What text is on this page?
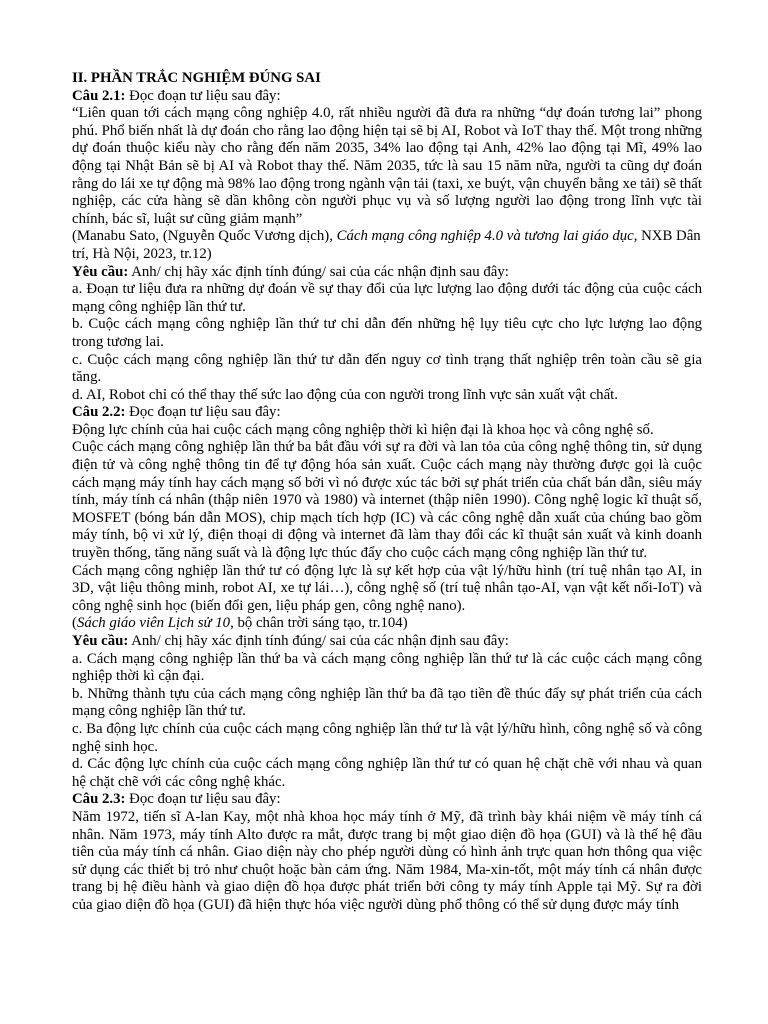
II. PHẦN TRẮC NGHIỆM ĐÚNG SAI

Câu 2.1: Đọc đoạn tư liệu sau đây:

“Liên quan tới cách mạng công nghiệp 4.0, rất nhiều người đã đưa ra những “dự đoán tương lai” phong phú. Phổ biến nhất là dự đoán cho rằng lao động hiện tại sẽ bị AI, Robot và IoT thay thế. Một trong những dự đoán thuộc kiểu này cho rằng đến năm 2035, 34% lao động tại Anh, 42% lao động tại Mĩ, 49% lao động tại Nhật Bản sẽ bị AI và Robot thay thế. Năm 2035, tức là sau 15 năm nữa, người ta cũng dự đoán rằng do lái xe tự động mà 98% lao động trong ngành vận tải (taxi, xe buýt, vận chuyển bằng xe tải) sẽ thất nghiệp, các cửa hàng sẽ dần không còn người phục vụ và số lượng người lao động trong lĩnh vực tài chính, bác sĩ, luật sư cũng giảm mạnh”

(Manabu Sato, (Nguyễn Quốc Vương dịch), Cách mạng công nghiệp 4.0 và tương lai giáo dục, NXB Dân trí, Hà Nội, 2023, tr.12)

Yêu cầu: Anh/ chị hãy xác định tính đúng/ sai của các nhận định sau đây:

a. Đoạn tư liệu đưa ra những dự đoán về sự thay đổi của lực lượng lao động dưới tác động của cuộc cách mạng công nghiệp lần thứ tư.

b. Cuộc cách mạng công nghiệp lần thứ tư chỉ dẫn đến những hệ lụy tiêu cực cho lực lượng lao động trong tương lai.

c. Cuộc cách mạng công nghiệp lần thứ tư dẫn đến nguy cơ tình trạng thất nghiệp trên toàn cầu sẽ gia tăng.

d. AI, Robot chỉ có thể thay thế sức lao động của con người trong lĩnh vực sản xuất vật chất.

Câu 2.2: Đọc đoạn tư liệu sau đây:

Động lực chính của hai cuộc cách mạng công nghiệp thời kì hiện đại là khoa học và công nghệ số.

Cuộc cách mạng công nghiệp lần thứ ba bắt đầu với sự ra đời và lan tỏa của công nghệ thông tin, sử dụng điện tử và công nghệ thông tin để tự động hóa sản xuất. Cuộc cách mạng này thường được gọi là cuộc cách mạng máy tính hay cách mạng số bởi vì nó được xúc tác bởi sự phát triển của chất bán dẫn, siêu máy tính, máy tính cá nhân (thập niên 1970 và 1980) và internet (thập niên 1990). Công nghệ logic kĩ thuật số, MOSFET (bóng bán dẫn MOS), chip mạch tích hợp (IC) và các công nghệ dẫn xuất của chúng bao gồm máy tính, bộ vi xử lý, điện thoại di động và internet đã làm thay đổi các kĩ thuật sản xuất và kinh doanh truyền thống, tăng năng suất và là động lực thúc đẩy cho cuộc cách mạng công nghiệp lần thứ tư.

Cách mạng công nghiệp lần thứ tư có động lực là sự kết hợp của vật lý/hữu hình (trí tuệ nhân tạo AI, in 3D, vật liệu thông minh, robot AI, xe tự lái…), công nghệ số (trí tuệ nhân tạo-AI, vạn vật kết nối-IoT) và công nghệ sinh học (biến đổi gen, liệu pháp gen, công nghệ nano).

(Sách giáo viên Lịch sử 10, bộ chân trời sáng tạo, tr.104)

Yêu cầu: Anh/ chị hãy xác định tính đúng/ sai của các nhận định sau đây:

a. Cách mạng công nghiệp lần thứ ba và cách mạng công nghiệp lần thứ tư là các cuộc cách mạng công nghiệp thời kì cận đại.

b. Những thành tựu của cách mạng công nghiệp lần thứ ba đã tạo tiền đề thúc đẩy sự phát triển của cách mạng công nghiệp lần thứ tư.

c. Ba động lực chính của cuộc cách mạng công nghiệp lần thứ tư là vật lý/hữu hình, công nghệ số và công nghệ sinh học.

d. Các động lực chính của cuộc cách mạng công nghiệp lần thứ tư có quan hệ chặt chẽ với nhau và quan hệ chặt chẽ với các công nghệ khác.

Câu 2.3: Đọc đoạn tư liệu sau đây:

Năm 1972, tiến sĩ A-lan Kay, một nhà khoa học máy tính ở Mỹ, đã trình bày khái niệm về máy tính cá nhân. Năm 1973, máy tính Alto được ra mắt, được trang bị một giao diện đồ họa (GUI) và là thế hệ đầu tiên của máy tính cá nhân. Giao diện này cho phép người dùng có hình ảnh trực quan hơn thông qua việc sử dụng các thiết bị trỏ như chuột hoặc bàn cảm ứng. Năm 1984, Ma-xin-tốt, một máy tính cá nhân được trang bị hệ điều hành và giao diện đồ họa được phát triển bởi công ty máy tính Apple tại Mỹ. Sự ra đời của giao diện đồ họa (GUI) đã hiện thực hóa việc người dùng phổ thông có thể sử dụng được máy tính
